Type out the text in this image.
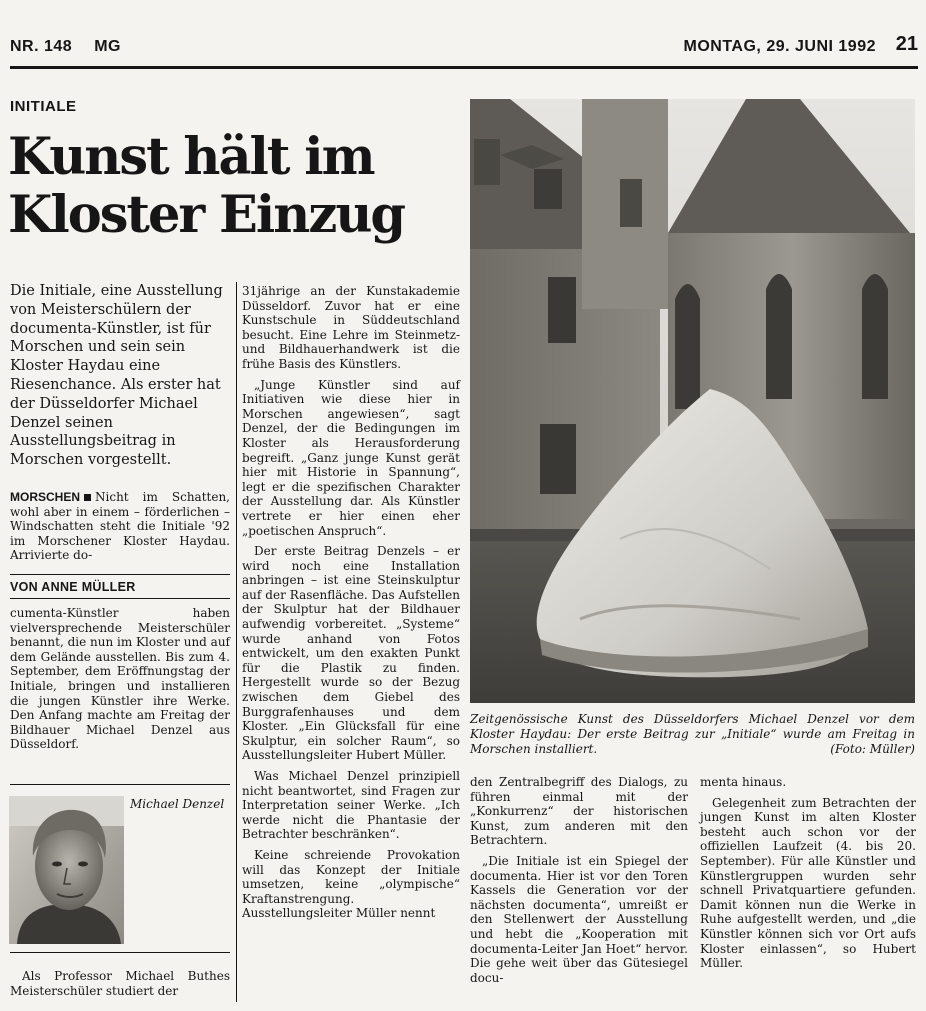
NR. 148 MG	MONTAG, 29. JUNI 1992 21
INITIALE
Kunst hält im
Kloster Einzug
Die Initiale, eine Ausstellung von Meisterschülern der documenta-Künstler, ist für Morschen und sein sein Kloster Haydau eine Riesenchance. Als erster hat der Düsseldorfer Michael Denzel seinen Ausstellungsbeitrag in Morschen vorgestellt.

MORSCHEN Nicht im Schatten, wohl aber in einem – förderlichen – Windschatten steht die Initiale '92 im Morschener Kloster Haydau. Arrivierte do-

VON ANNE MÜLLER

cumenta-Künstler haben vielversprechende Meisterschüler benannt, die nun im Kloster und auf dem Gelände ausstellen. Bis zum 4. September, dem Eröffnungstag der Initiale, bringen und installieren die jungen Künstler ihre Werke. Den Anfang machte am Freitag der Bildhauer Michael Denzel aus Düsseldorf.

Michael Denzel

Als Professor Michael Buthes Meisterschüler studiert der

31jährige an der Kunstakademie Düsseldorf. Zuvor hat er eine Kunstschule in Süddeutschland besucht. Eine Lehre im Steinmetz- und Bildhauerhandwerk ist die frühe Basis des Künstlers.

„Junge Künstler sind auf Initiativen wie diese hier in Morschen angewiesen“, sagt Denzel, der die Bedingungen im Kloster als Herausforderung begreift. „Ganz junge Kunst gerät hier mit Historie in Spannung“, legt er die spezifischen Charakter der Ausstellung dar. Als Künstler vertrete er hier einen eher „poetischen Anspruch“.

Der erste Beitrag Denzels – er wird noch eine Installation anbringen – ist eine Steinskulptur auf der Rasenfläche. Das Aufstellen der Skulptur hat der Bildhauer aufwendig vorbereitet. „Systeme“ wurde anhand von Fotos entwickelt, um den exakten Punkt für die Plastik zu finden. Hergestellt wurde so der Bezug zwischen dem Giebel des Burggrafenhauses und dem Kloster. „Ein Glücksfall für eine Skulptur, ein solcher Raum“, so Ausstellungsleiter Hubert Müller.

Was Michael Denzel prinzipiell nicht beantwortet, sind Fragen zur Interpretation seiner Werke. „Ich werde nicht die Phantasie der Betrachter beschränken“.

Keine schreiende Provokation will das Konzept der Initiale umsetzen, keine „olympische“ Kraftanstrengung. Ausstellungsleiter Müller nennt

Zeitgenössische Kunst des Düsseldorfers Michael Denzel vor dem Kloster Haydau: Der erste Beitrag zur „Initiale“ wurde am Freitag in Morschen installiert.	(Foto: Müller)

den Zentralbegriff des Dialogs, zu führen einmal mit der „Konkurrenz“ der historischen Kunst, zum anderen mit den Betrachtern.

„Die Initiale ist ein Spiegel der documenta. Hier ist vor den Toren Kassels die Generation vor der nächsten documenta“, umreißt er den Stellenwert der Ausstellung und hebt die „Kooperation mit documenta-Leiter Jan Hoet“ hervor. Die gehe weit über das Gütesiegel docu-

menta hinaus.

Gelegenheit zum Betrachten der jungen Kunst im alten Kloster besteht auch schon vor der offiziellen Laufzeit (4. bis 20. September). Für alle Künstler und Künstlergruppen wurden sehr schnell Privatquartiere gefunden. Damit können nun die Werke in Ruhe aufgestellt werden, und „die Künstler können sich vor Ort aufs Kloster einlassen“, so Hubert Müller.
